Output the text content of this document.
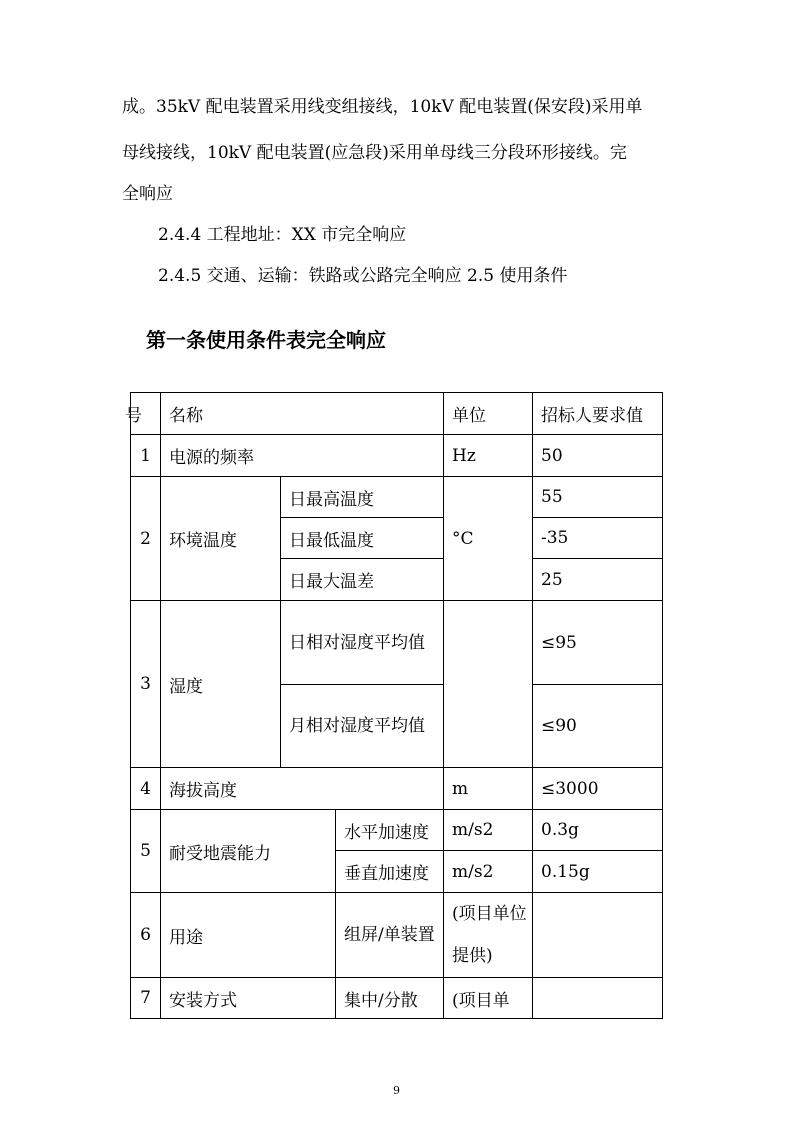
成。35kV 配电装置采用线变组接线，10kV 配电装置(保安段)采用单
母线接线，10kV 配电装置(应急段)采用单母线三分段环形接线。完
全响应
2.4.4 工程地址：XX 市完全响应
2.4.5 交通、运输：铁路或公路完全响应 2.5 使用条件
第一条使用条件表完全响应
号	名称			单位	招标人要求值
1	电源的频率			Hz	50
2	环境温度	日最高温度		°C	55
		日最低温度			-35
		日最大温差			25
3	湿度	日相对湿度平均值			≤95

		月相对湿度平均值			≤90
4	海拔高度			m	≤3000
5	耐受地震能力		水平加速度	m/s2	0.3g
			垂直加速度	m/s2	0.15g
6	用途		组屏/单装置	(项目单位提供)	

7	安装方式		集中/分散	(项目单	
9
